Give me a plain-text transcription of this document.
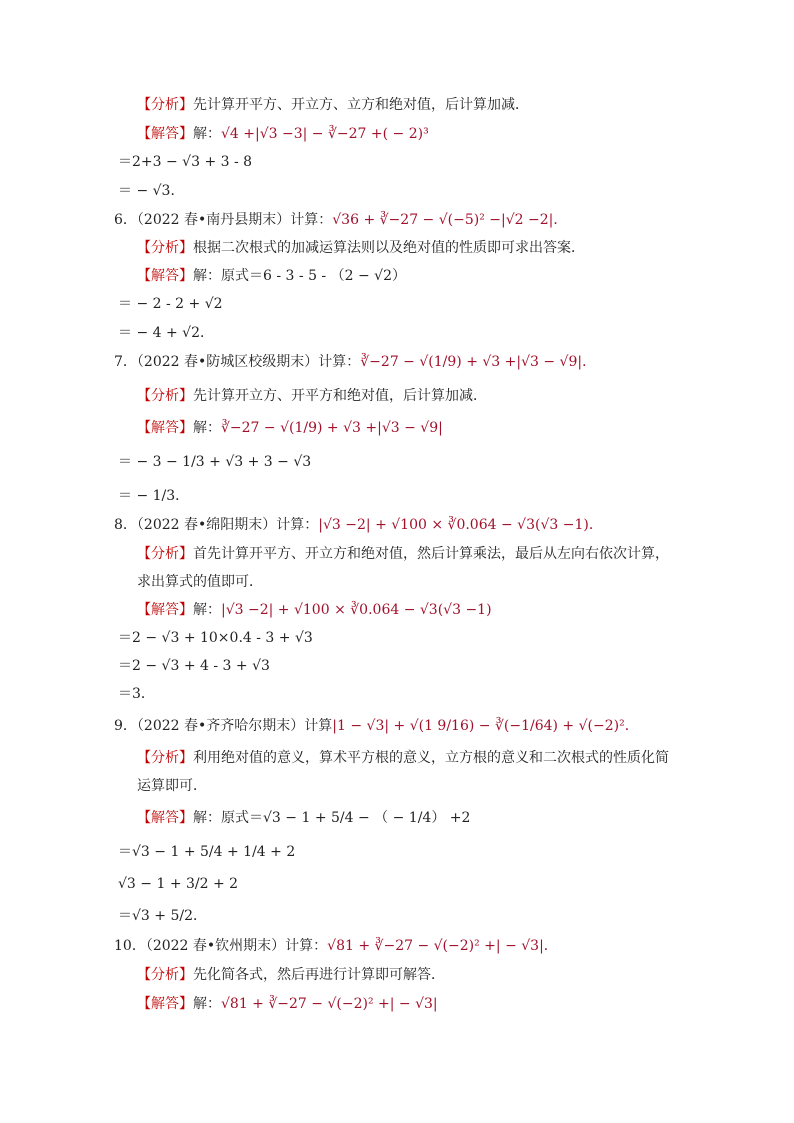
【分析】先计算开平方、开立方、立方和绝对值，后计算加减．
【解答】解：√4 +|√3 −3| − ∛−27 +( − 2)³
＝2+3 − √3 + 3 - 8
＝ − √3．
6．（2022 春•南丹县期末）计算：√36 + ∛−27 − √(−5)² −|√2 −2|．
【分析】根据二次根式的加减运算法则以及绝对值的性质即可求出答案．
【解答】解：原式＝6 - 3 - 5 - （2 − √2）
＝ − 2 - 2 + √2
＝ − 4 + √2．
7．（2022 春•防城区校级期末）计算：∛−27 − √(1/9) + √3 +|√3 − √9|．
【分析】先计算开立方、开平方和绝对值，后计算加减．
【解答】解：∛−27 − √(1/9) + √3 +|√3 − √9|
＝ − 3 − 1/3 + √3 + 3 − √3
＝ − 1/3．
8．（2022 春•绵阳期末）计算：|√3 −2| + √100 × ∛0.064 − √3(√3 −1)．
【分析】首先计算开平方、开立方和绝对值，然后计算乘法，最后从左向右依次计算，
求出算式的值即可．
【解答】解：|√3 −2| + √100 × ∛0.064 − √3(√3 −1)
＝2 − √3 + 10×0.4 - 3 + √3
＝2 − √3 + 4 - 3 + √3
＝3．
9．（2022 春•齐齐哈尔期末）计算|1 − √3| + √(1 9/16) − ∛(−1/64) + √(−2)²．
【分析】利用绝对值的意义，算术平方根的意义，立方根的意义和二次根式的性质化简
运算即可．
【解答】解：原式＝√3 − 1 + 5/4 − （ − 1/4） +2
＝√3 − 1 + 5/4 + 1/4 + 2
√3 − 1 + 3/2 + 2
＝√3 + 5/2．
10．（2022 春•钦州期末）计算：√81 + ∛−27 − √(−2)² +| − √3|．
【分析】先化简各式，然后再进行计算即可解答．
【解答】解：√81 + ∛−27 − √(−2)² +| − √3|
